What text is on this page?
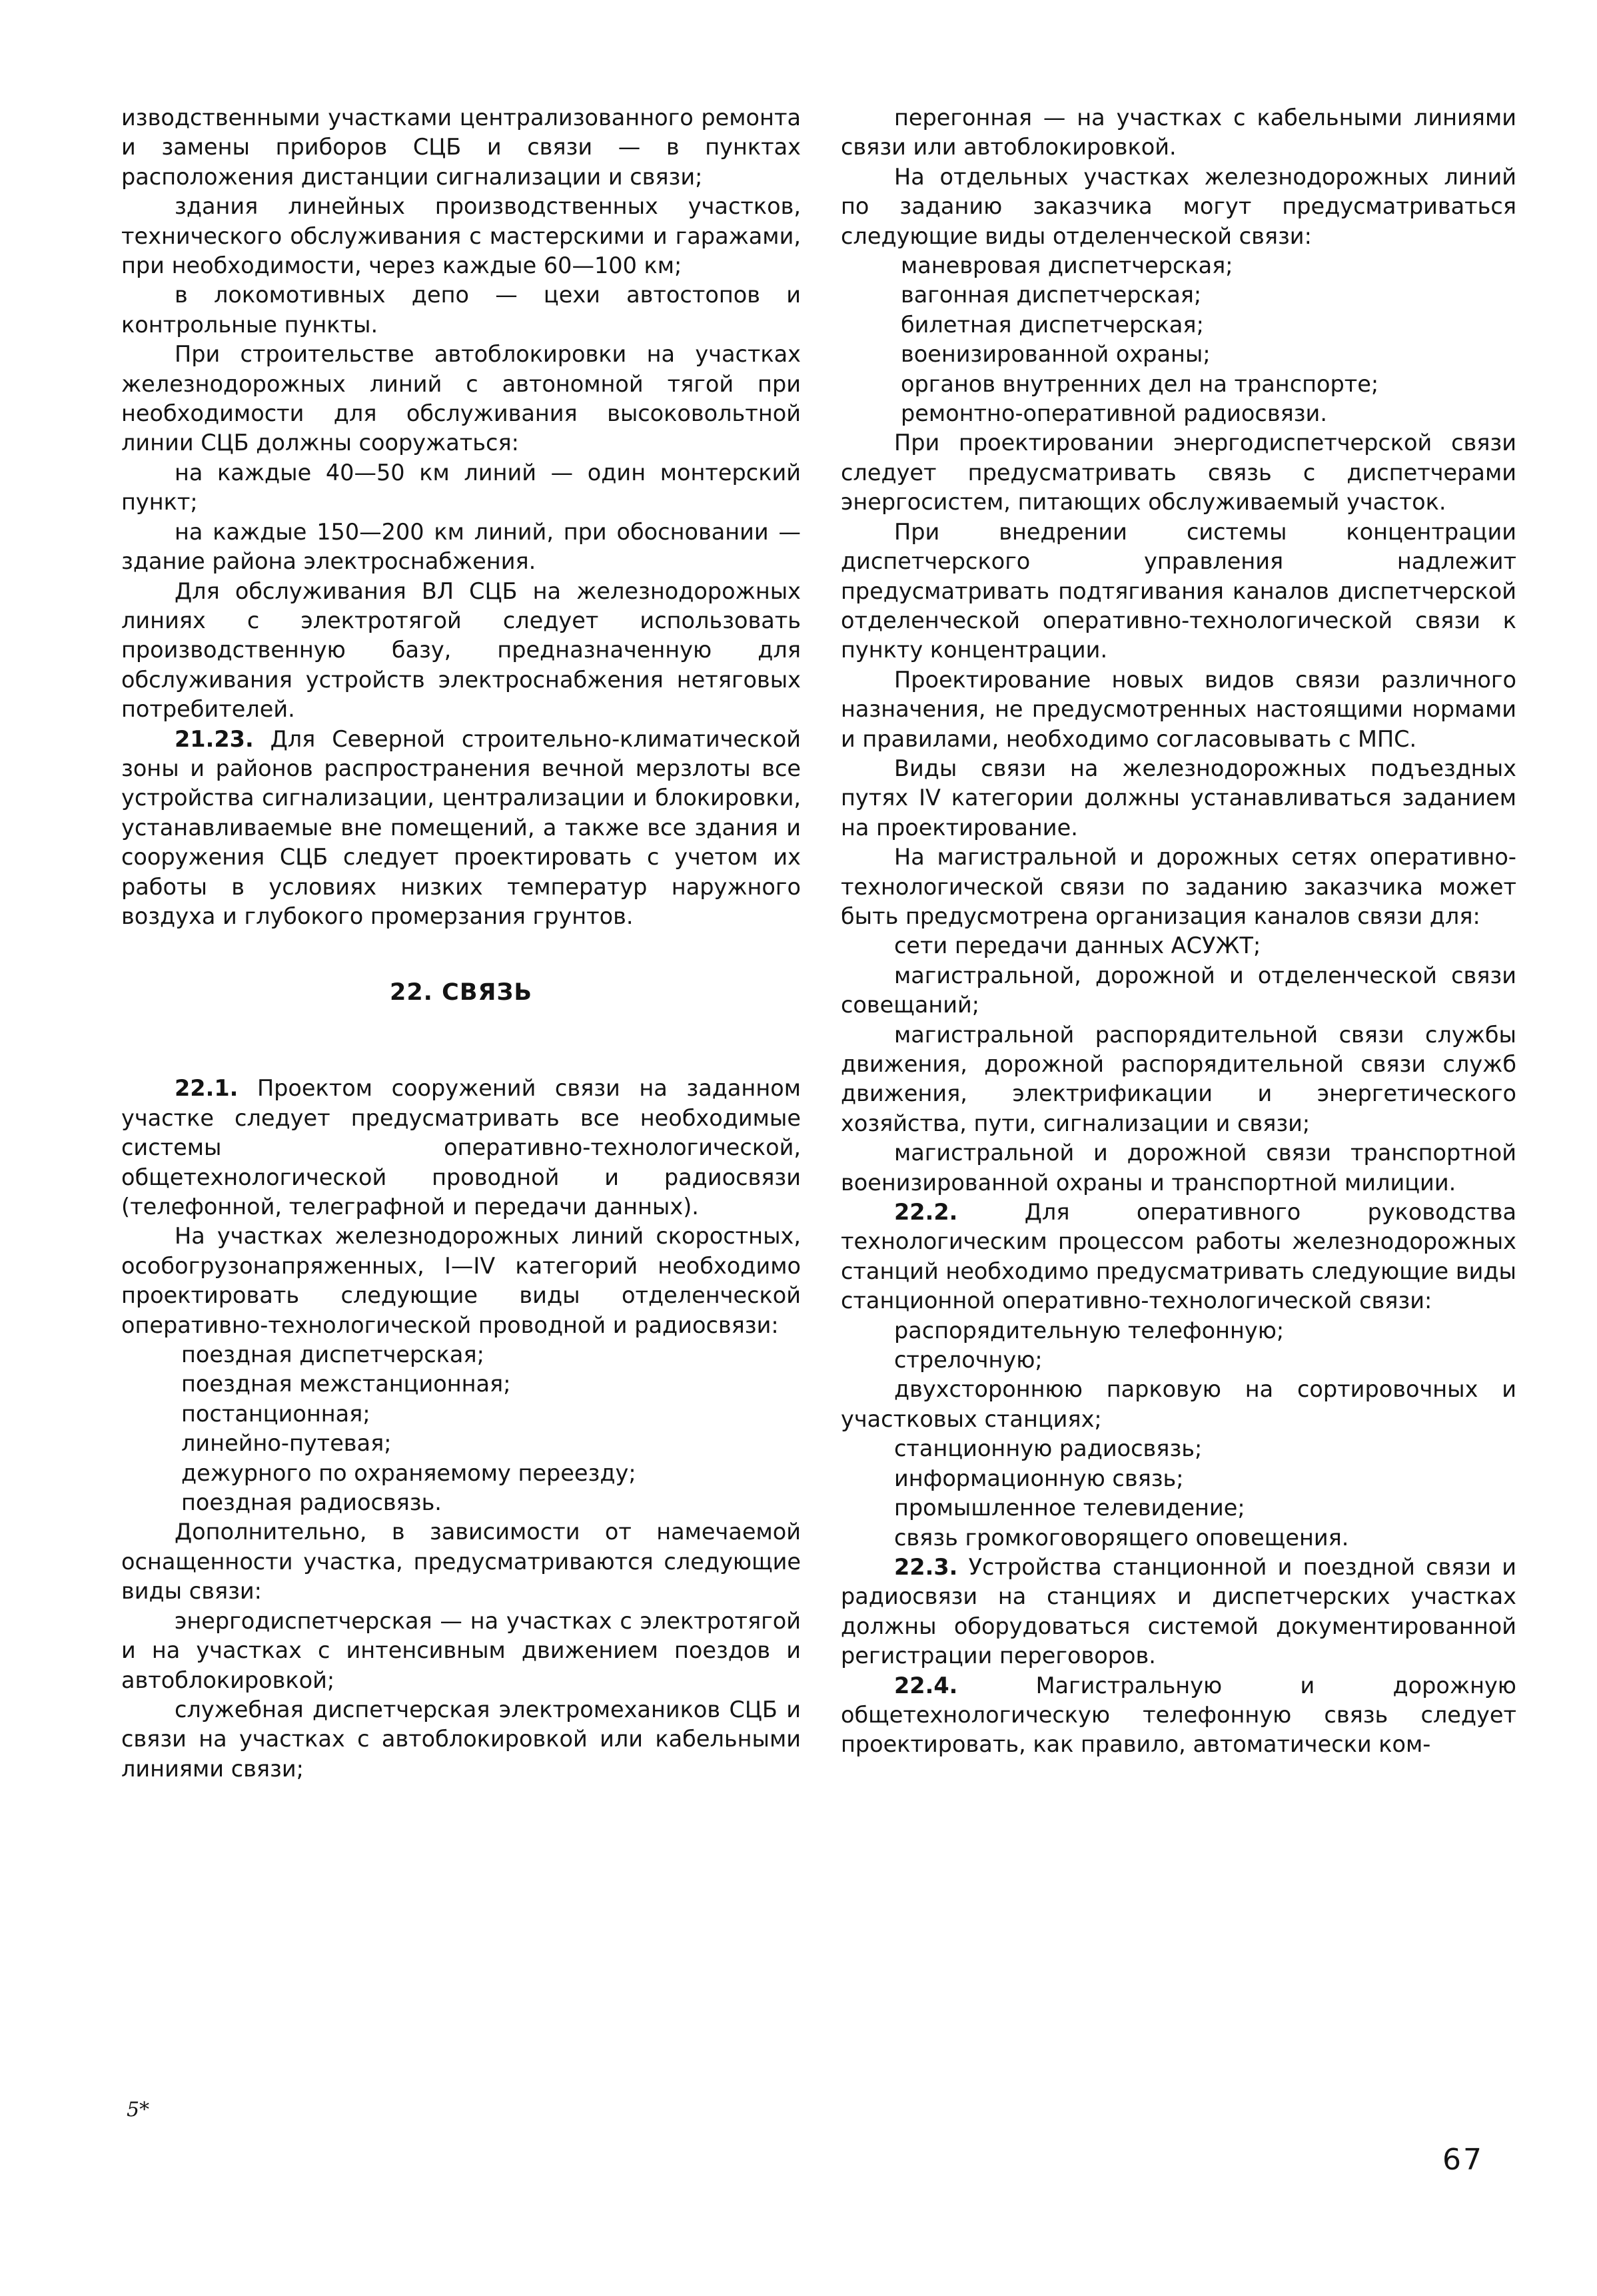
изводственными участками централизованного ремонта и замены приборов СЦБ и связи — в пунктах расположения дистанции сигнализации и связи;

здания линейных производственных участков, технического обслуживания с мастерскими и гаражами, при необходимости, через каждые 60—100 км;

в локомотивных депо — цехи автостопов и контрольные пункты.

При строительстве автоблокировки на участках железнодорожных линий с автономной тягой при необходимости для обслуживания высоковольтной линии СЦБ должны сооружаться:

на каждые 40—50 км линий — один монтерский пункт;

на каждые 150—200 км линий, при обосновании — здание района электроснабжения.

Для обслуживания ВЛ СЦБ на железнодорожных линиях с электротягой следует использовать производственную базу, предназначенную для обслуживания устройств электроснабжения нетяговых потребителей.

21.23. Для Северной строительно-климатической зоны и районов распространения вечной мерзлоты все устройства сигнализации, централизации и блокировки, устанавливаемые вне помещений, а также все здания и сооружения СЦБ следует проектировать с учетом их работы в условиях низких температур наружного воздуха и глубокого промерзания грунтов.

22. СВЯЗЬ

22.1. Проектом сооружений связи на заданном участке следует предусматривать все необходимые системы оперативно-технологической, общетехнологической проводной и радиосвязи (телефонной, телеграфной и передачи данных).

На участках железнодорожных линий скоростных, особогрузонапряженных, I—IV категорий необходимо проектировать следующие виды отделенческой оперативно-технологической проводной и радиосвязи:

поездная диспетчерская;

поездная межстанционная;

постанционная;

линейно-путевая;

дежурного по охраняемому переезду;

поездная радиосвязь.

Дополнительно, в зависимости от намечаемой оснащенности участка, предусматриваются следующие виды связи:

энергодиспетчерская — на участках с электротягой и на участках с интенсивным движением поездов и автоблокировкой;

служебная диспетчерская электромехаников СЦБ и связи на участках с автоблокировкой или кабельными линиями связи;

перегонная — на участках с кабельными линиями связи или автоблокировкой.

На отдельных участках железнодорожных линий по заданию заказчика могут предусматриваться следующие виды отделенческой связи:

маневровая диспетчерская;

вагонная диспетчерская;

билетная диспетчерская;

военизированной охраны;

органов внутренних дел на транспорте;

ремонтно-оперативной радиосвязи.

При проектировании энергодиспетчерской связи следует предусматривать связь с диспетчерами энергосистем, питающих обслуживаемый участок.

При внедрении системы концентрации диспетчерского управления надлежит предусматривать подтягивания каналов диспетчерской отделенческой оперативно-технологической связи к пункту концентрации.

Проектирование новых видов связи различного назначения, не предусмотренных настоящими нормами и правилами, необходимо согласовывать с МПС.

Виды связи на железнодорожных подъездных путях IV категории должны устанавливаться заданием на проектирование.

На магистральной и дорожных сетях оперативно-технологической связи по заданию заказчика может быть предусмотрена организация каналов связи для:

сети передачи данных АСУЖТ;

магистральной, дорожной и отделенческой связи совещаний;

магистральной распорядительной связи службы движения, дорожной распорядительной связи служб движения, электрификации и энергетического хозяйства, пути, сигнализации и связи;

магистральной и дорожной связи транспортной военизированной охраны и транспортной милиции.

22.2. Для оперативного руководства технологическим процессом работы железнодорожных станций необходимо предусматривать следующие виды станционной оперативно-технологической связи:

распорядительную телефонную;

стрелочную;

двухстороннюю парковую на сортировочных и участковых станциях;

станционную радиосвязь;

информационную связь;

промышленное телевидение;

связь громкоговорящего оповещения.

22.3. Устройства станционной и поездной связи и радиосвязи на станциях и диспетчерских участках должны оборудоваться системой документированной регистрации переговоров.

22.4. Магистральную и дорожную общетехнологическую телефонную связь следует проектировать, как правило, автоматически ком-

5*
67
